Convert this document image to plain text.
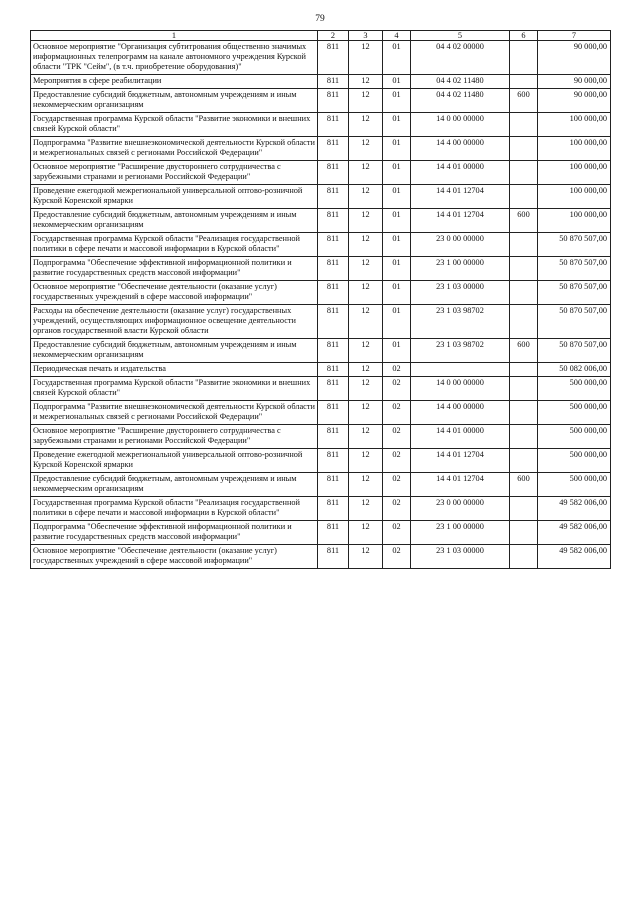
79
1	2	3	4	5	6	7
Основное мероприятие "Организация субтитрования общественно значимых информационных телепрограмм на канале автономного учреждения Курской области "ТРК "Сейм", (в т.ч. приобретение оборудования)"	811	12	01	04 4 02 00000		90 000,00
Мероприятия в сфере реабилитации	811	12	01	04 4 02 11480		90 000,00
Предоставление субсидий бюджетным, автономным учреждениям и иным некоммерческим организациям	811	12	01	04 4 02 11480	600	90 000,00
Государственная программа Курской области "Развитие экономики и внешних связей Курской области"	811	12	01	14 0 00 00000		100 000,00
Подпрограмма "Развитие внешнеэкономической деятельности Курской области и межрегиональных связей с регионами Российской Федерации"	811	12	01	14 4 00 00000		100 000,00
Основное мероприятие "Расширение двустороннего сотрудничества с зарубежными странами и регионами Российской Федерации"	811	12	01	14 4 01 00000		100 000,00
Проведение ежегодной межрегиональной универсальной оптово-розничной Курской Коренской ярмарки	811	12	01	14 4 01 12704		100 000,00
Предоставление субсидий бюджетным, автономным учреждениям и иным некоммерческим организациям	811	12	01	14 4 01 12704	600	100 000,00
Государственная программа Курской области "Реализация государственной политики в сфере печати и массовой информации в Курской области"	811	12	01	23 0 00 00000		50 870 507,00
Подпрограмма "Обеспечение эффективной информационной политики и развитие государственных средств массовой информации"	811	12	01	23 1 00 00000		50 870 507,00
Основное мероприятие "Обеспечение деятельности (оказание услуг) государственных учреждений в сфере массовой информации"	811	12	01	23 1 03 00000		50 870 507,00
Расходы на обеспечение деятельности (оказание услуг) государственных учреждений, осуществляющих информационное освещение деятельности органов государственной власти Курской области	811	12	01	23 1 03 98702		50 870 507,00
Предоставление субсидий бюджетным, автономным учреждениям и иным некоммерческим организациям	811	12	01	23 1 03 98702	600	50 870 507,00
Периодическая печать и издательства	811	12	02			50 082 006,00
Государственная программа Курской области "Развитие экономики и внешних связей Курской области"	811	12	02	14 0 00 00000		500 000,00
Подпрограмма "Развитие внешнеэкономической деятельности Курской области и межрегиональных связей с регионами Российской Федерации"	811	12	02	14 4 00 00000		500 000,00
Основное мероприятие "Расширение двустороннего сотрудничества с зарубежными странами и регионами Российской Федерации"	811	12	02	14 4 01 00000		500 000,00
Проведение ежегодной межрегиональной универсальной оптово-розничной Курской Коренской ярмарки	811	12	02	14 4 01 12704		500 000,00
Предоставление субсидий бюджетным, автономным учреждениям и иным некоммерческим организациям	811	12	02	14 4 01 12704	600	500 000,00
Государственная программа Курской области "Реализация государственной политики в сфере печати и массовой информации в Курской области"	811	12	02	23 0 00 00000		49 582 006,00
Подпрограмма "Обеспечение эффективной информационной политики и развитие государственных средств массовой информации"	811	12	02	23 1 00 00000		49 582 006,00
Основное мероприятие "Обеспечение деятельности (оказание услуг) государственных учреждений в сфере массовой информации"	811	12	02	23 1 03 00000		49 582 006,00
